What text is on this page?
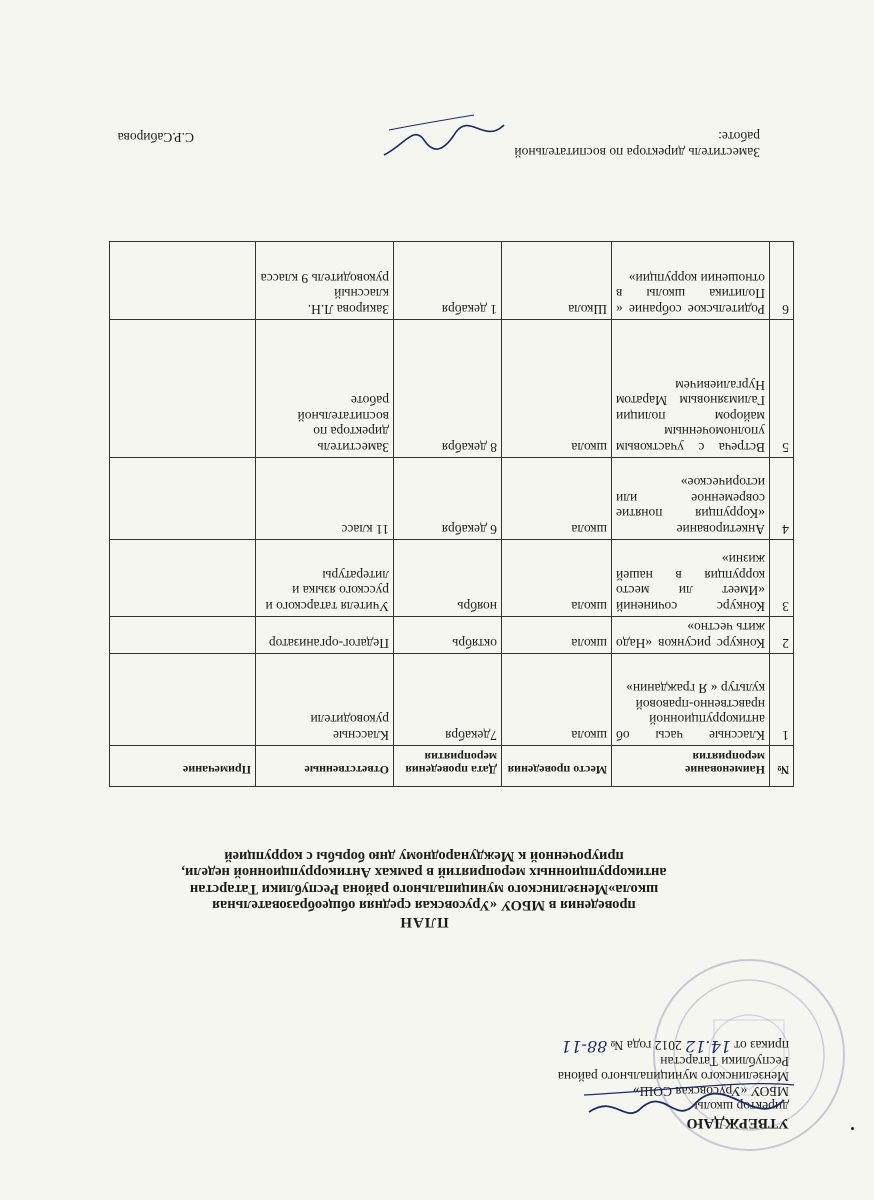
УТВЕРЖДАЮ
директор школы
МБОУ «Урусовская СОШ»
Мензелинского муниципального района
Республики Татарстан
приказ от 14.12 2012 года № 88-11
ПЛАН
проведения в МБОУ «Урусовская средняя общеобразовательная
школа»Мензелинского муниципального района Республики Татарстан
антикоррупционных мероприятий в рамках Антикоррупционной недели,
приуроченной к Международному дню борьбы с коррупцией
№	Наименование мероприятия	Место проведения	Дата проведения мероприятия	Ответственные	Примечание
1	Классные часы об антикоррупционной нравственно-правовой культур « Я гражданин»	школа	7декабря	Классные руководители	
2	Конкурс рисунков «Надо жить честно»	школа	октябрь	Педагог-организатор	
3	Конкурс сочинений «Имеет ли место коррупция в нашей жизни»	школа	ноябрь	Учителя татарского и русского языка и литературы	
4	Анкетирование «Коррупция понятие современное или историческое»	школа	6 декабря	11 класс	
5	Встреча с участковым уполномоченным майором полиции Галимзяновым Маратом Нургалиевичем	школа	8 декабря	Заместитель директора по воспитательной работе	
6	Родительское собрание « Политика школы в отношении коррупции»	Школа	1 декабря	Закирова Л.Н. классный руководитель 9 класса	
Заместитель директора по воспитательной работе:
С.Р.Сабирова
